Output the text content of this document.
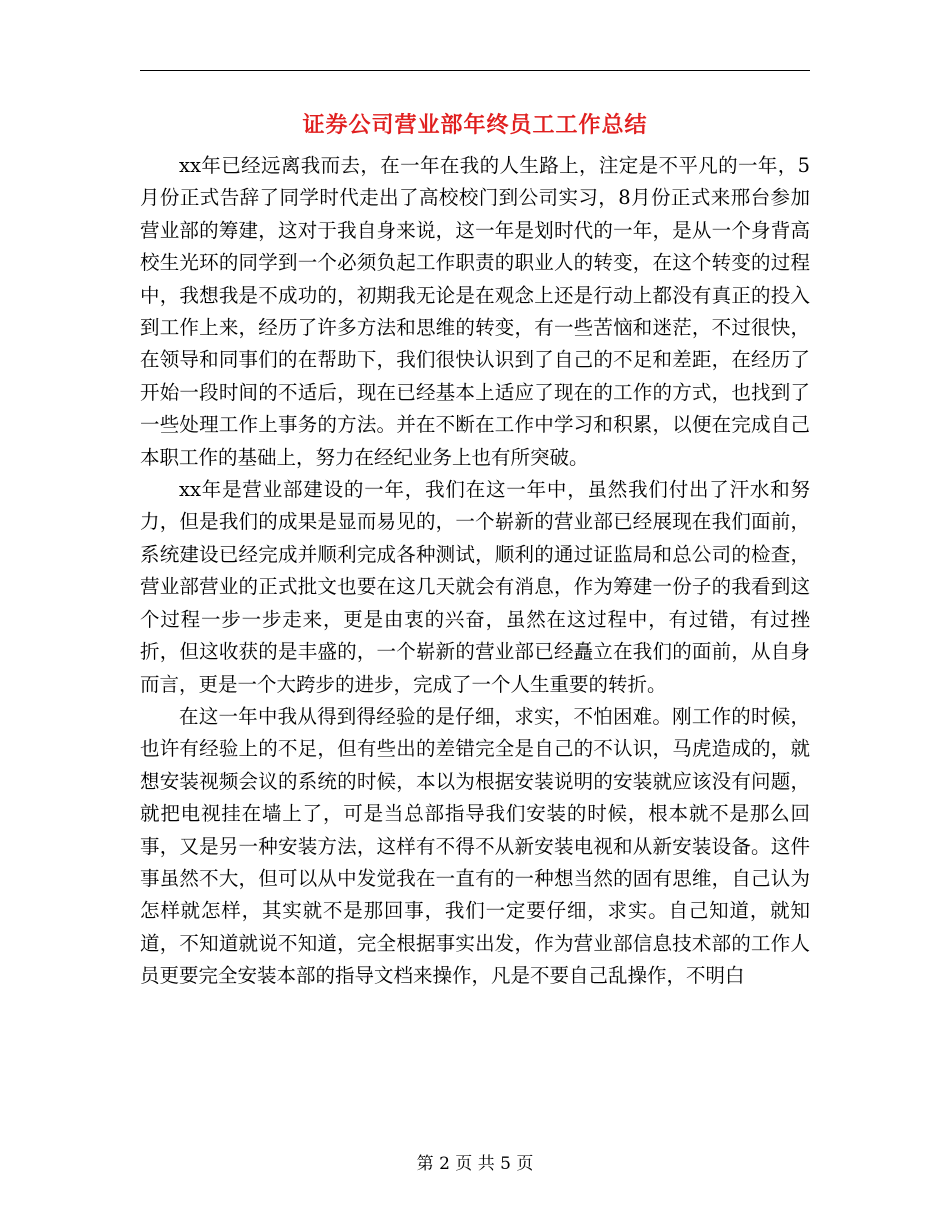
证券公司营业部年终员工工作总结

xx年已经远离我而去，在一年在我的人生路上，注定是不平凡的一年，5月份正式告辞了同学时代走出了高校校门到公司实习，8月份正式来邢台参加营业部的筹建，这对于我自身来说，这一年是划时代的一年，是从一个身背高校生光环的同学到一个必须负起工作职责的职业人的转变，在这个转变的过程中，我想我是不成功的，初期我无论是在观念上还是行动上都没有真正的投入到工作上来，经历了许多方法和思维的转变，有一些苦恼和迷茫，不过很快，在领导和同事们的在帮助下，我们很快认识到了自己的不足和差距，在经历了开始一段时间的不适后，现在已经基本上适应了现在的工作的方式，也找到了一些处理工作上事务的方法。并在不断在工作中学习和积累，以便在完成自己本职工作的基础上，努力在经纪业务上也有所突破。

xx年是营业部建设的一年，我们在这一年中，虽然我们付出了汗水和努力，但是我们的成果是显而易见的，一个崭新的营业部已经展现在我们面前，系统建设已经完成并顺利完成各种测试，顺利的通过证监局和总公司的检查，营业部营业的正式批文也要在这几天就会有消息，作为筹建一份子的我看到这个过程一步一步走来，更是由衷的兴奋，虽然在这过程中，有过错，有过挫折，但这收获的是丰盛的，一个崭新的营业部已经矗立在我们的面前，从自身而言，更是一个大跨步的进步，完成了一个人生重要的转折。

在这一年中我从得到得经验的是仔细，求实，不怕困难。刚工作的时候，也许有经验上的不足，但有些出的差错完全是自己的不认识，马虎造成的，就想安装视频会议的系统的时候，本以为根据安装说明的安装就应该没有问题，就把电视挂在墙上了，可是当总部指导我们安装的时候，根本就不是那么回事，又是另一种安装方法，这样有不得不从新安装电视和从新安装设备。这件事虽然不大，但可以从中发觉我在一直有的一种想当然的固有思维，自己认为怎样就怎样，其实就不是那回事，我们一定要仔细，求实。自己知道，就知道，不知道就说不知道，完全根据事实出发，作为营业部信息技术部的工作人员更要完全安装本部的指导文档来操作，凡是不要自己乱操作，不明白

第 2 页 共 5 页
